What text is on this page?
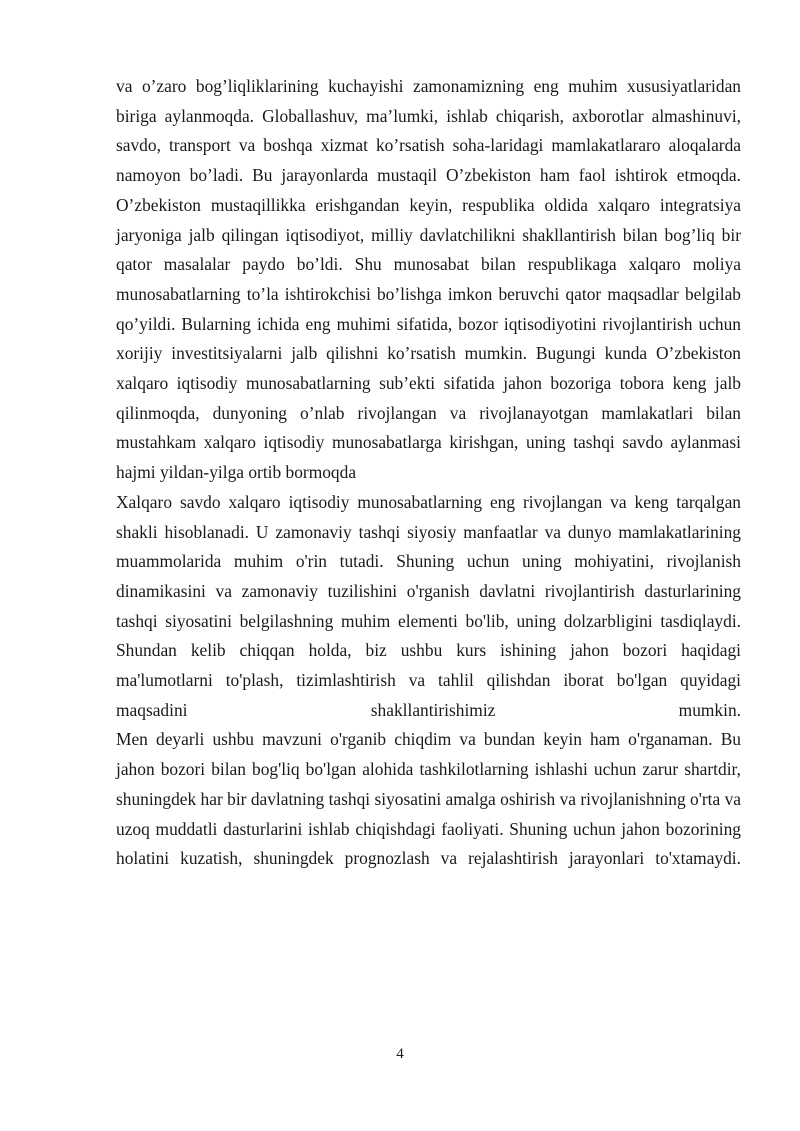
va o’zaro bog’liqliklarining kuchayishi zamonamizning eng muhim xususiyatlaridan biriga aylanmoqda. Globallashuv, ma’lumki, ishlab chiqarish, axborotlar almashinuvi, savdo, transport va boshqa xizmat ko’rsatish soha-laridagi mamlakatlararo aloqalarda namoyon bo’ladi. Bu jarayonlarda mustaqil O’zbekiston ham faol ishtirok etmoqda. O’zbekiston mustaqillikka erishgandan keyin, respublika oldida xalqaro integratsiya jaryoniga jalb qilingan iqtisodiyot, milliy davlatchilikni shakllantirish bilan bog’liq bir qator masalalar paydo bo’ldi. Shu munosabat bilan respublikaga xalqaro moliya munosabatlarning to’la ishtirokchisi bo’lishga imkon beruvchi qator maqsadlar belgilab qo’yildi. Bularning ichida eng muhimi sifatida, bozor iqtisodiyotini rivojlantirish uchun xorijiy investitsiyalarni jalb qilishni ko’rsatish mumkin. Bugungi kunda O’zbekiston xalqaro iqtisodiy munosabatlarning sub’ekti sifatida jahon bozoriga tobora keng jalb qilinmoqda, dunyoning o’nlab rivojlangan va rivojlanayotgan mamlakatlari bilan mustahkam xalqaro iqtisodiy munosabatlarga kirishgan, uning tashqi savdo aylanmasi hajmi yildan-yilga ortib bormoqda

Xalqaro savdo xalqaro iqtisodiy munosabatlarning eng rivojlangan va keng tarqalgan shakli hisoblanadi. U zamonaviy tashqi siyosiy manfaatlar va dunyo mamlakatlarining muammolarida muhim o'rin tutadi. Shuning uchun uning mohiyatini, rivojlanish dinamikasini va zamonaviy tuzilishini o'rganish davlatni rivojlantirish dasturlarining tashqi siyosatini belgilashning muhim elementi bo'lib, uning dolzarbligini tasdiqlaydi.

Shundan kelib chiqqan holda, biz ushbu kurs ishining jahon bozori haqidagi ma'lumotlarni to'plash, tizimlashtirish va tahlil qilishdan iborat bo'lgan quyidagi maqsadini shakllantirishimiz mumkin.

Men deyarli ushbu mavzuni o'rganib chiqdim va bundan keyin ham o'rganaman. Bu jahon bozori bilan bog'liq bo'lgan alohida tashkilotlarning ishlashi uchun zarur shartdir, shuningdek har bir davlatning tashqi siyosatini amalga oshirish va rivojlanishning o'rta va uzoq muddatli dasturlarini ishlab chiqishdagi faoliyati. Shuning uchun jahon bozorining holatini kuzatish, shuningdek prognozlash va rejalashtirish jarayonlari to'xtamaydi.

4
